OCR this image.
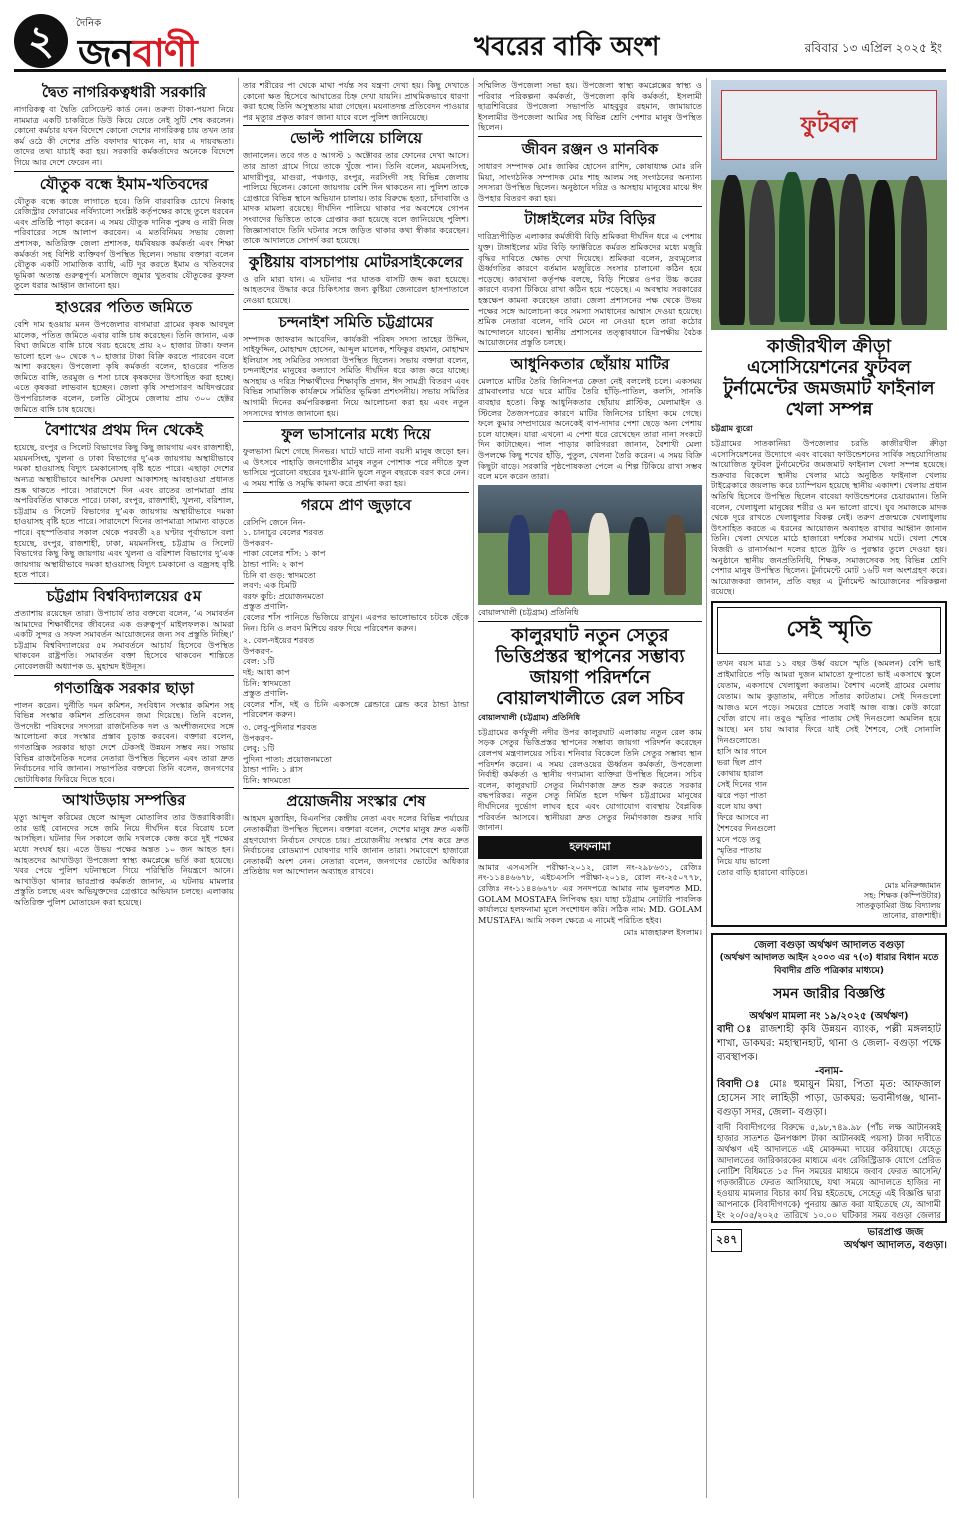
২	দৈনিক
জনবাণী	খবরের বাকি অংশ	রবিবার ১৩ এপ্রিল ২০২৫ ইং
দ্বৈত নাগরিকত্বধারী সরকারি

নাগরিকত্ব বা দ্বৈতি রেসিডেন্ট কার্ড নেন। তরুণ্য টাকা-পয়সা নিয়ে নামমাত্র একটি চাকরিতে ডিউ কিয়ে যেতে নেই সুটি শেষ করলেন। কোনো কর্মচার যখন বিদেশে কোনো দেশের নাগরিকত্ব চায় তখন তার কর্ম ওঠে কী দেশের প্রতি বফাদার থাকেন না, যার এ দায়বদ্ধতা। তাদের তথ্য যাচাই করা হয়। সরকারি কর্মকর্তাদের অনেকে বিদেশে গিয়ে আর দেশে ফেরেন না।

যৌতুক বন্ধে ইমাম-খতিবদের

যৌতুক বন্ধে কাজে লাগাতে হবে। তিনি বারবারিক চোখে নিকাহ রেজিস্ট্রার ফোরামের নর্বিদ্যালো সংশ্লিষ্ট কর্তৃপক্ষের কাছে তুলে ধরবেন এবং প্রতিষ্ঠি পাড়া করেন। এ সময় যৌতুক দানিক পুরুষ ও নারী নিজ পরিবারের সঙ্গে আলাপ করবেন। এ মতবিনিময় সভায় জেলা প্রশাসক, অতিরিক্ত জেলা প্রশাসক, ধর্মবিষয়ক কর্মকর্তা এবং শিক্ষা কর্মকর্তা সহ বিশিষ্ট ব্যক্তিবর্গ উপস্থিত ছিলেন। সভায় বক্তারা বলেন যৌতুক একটি সামাজিক ব্যাধি, এটি দূর করতে ইমাম ও খতিবদের ভূমিকা অত্যন্ত গুরুত্বপূর্ণ। মসজিদে জুমার খুতবায় যৌতুকের কুফল তুলে ধরার আহ্বান জানানো হয়।

হাওরের পতিত জমিতে

বেশি দাম হওয়ায় মনন উপজেলার বাগমারা গ্রামের কৃষক আবদুল মালেক, পতিত জমিতে এবার বাঙ্গি চাষ করেছেন। তিনি জানান, এক বিঘা জমিতে বাঙ্গি চাষে খরচ হয়েছে প্রায় ২০ হাজার টাকা। ফলন ভালো হলে ৬০ থেকে ৭০ হাজার টাকা বিক্রি করতে পারবেন বলে আশা করছেন। উপজেলা কৃষি কর্মকর্তা বলেন, হাওরের পতিত জমিতে বাঙ্গি, তরমুজ ও শসা চাষে কৃষকদের উৎসাহিত করা হচ্ছে। এতে কৃষকরা লাভবান হচ্ছেন। জেলা কৃষি সম্প্রসারণ অধিদপ্তরের উপপরিচালক বলেন, চলতি মৌসুমে জেলায় প্রায় ৩০০ হেক্টর জমিতে বাঙ্গি চাষ হয়েছে।

বৈশাখের প্রথম দিন থেকেই

হয়েছে, রংপুর ও সিলেট বিভাগের কিছু কিছু জায়গায় এবং রাজশাহী, ময়মনসিংহ, খুলনা ও ঢাকা বিভাগের দু’এক জায়গায় অস্থায়ীভাবে দমকা হাওয়াসহ বিদ্যুৎ চমকানোসহ বৃষ্টি হতে পারে। এছাড়া দেশের অন্যত্র অস্থায়ীভাবে আংশিক মেঘলা আকাশসহ আবহাওয়া প্রধানত শুষ্ক থাকতে পারে। সারাদেশে দিন এবং রাতের তাপমাত্রা প্রায় অপরিবর্তিত থাকতে পারে। ঢাকা, রংপুর, রাজশাহী, খুলনা, বরিশাল, চট্টগ্রাম ও সিলেট বিভাগের দু’এক জায়গায় অস্থায়ীভাবে দমকা হাওয়াসহ বৃষ্টি হতে পারে। সারাদেশে দিনের তাপমাত্রা সামান্য বাড়তে পারে। বৃহস্পতিবার সকাল থেকে পরবর্তী ২৪ ঘণ্টার পূর্বাভাসে বলা হয়েছে, রংপুর, রাজশাহী, ঢাকা, ময়মনসিংহ, চট্টগ্রাম ও সিলেট বিভাগের কিছু কিছু জায়গায় এবং খুলনা ও বরিশাল বিভাগের দু’এক জায়গায় অস্থায়ীভাবে দমকা হাওয়াসহ বিদ্যুৎ চমকানো ও বজ্রসহ বৃষ্টি হতে পারে।

চট্টগ্রাম বিশ্ববিদ্যালয়ের ৫ম

প্রত্যাশায় রয়েছেন তারা। উপাচার্য তার বক্তব্যে বলেন, ‘এ সমাবর্তন আমাদের শিক্ষার্থীদের জীবনের এক গুরুত্বপূর্ণ মাইলফলক। আমরা একটি সুন্দর ও সফল সমাবর্তন আয়োজনের জন্য সব প্রস্তুতি নিচ্ছি।’ চট্টগ্রাম বিশ্ববিদ্যালয়ের ৫ম সমাবর্তনে আচার্য হিসেবে উপস্থিত থাকবেন রাষ্ট্রপতি। সমাবর্তন বক্তা হিসেবে থাকবেন শান্তিতে নোবেলজয়ী অধ্যাপক ড. মুহাম্মদ ইউনূস।

গণতান্ত্রিক সরকার ছাড়া

পালন করেন। দুর্নীতি দমন কমিশন, সংবিধান সংস্কার কমিশন সহ বিভিন্ন সংস্কার কমিশন প্রতিবেদন জমা দিয়েছে। তিনি বলেন, উপদেষ্টা পরিষদের সদস্যরা রাজনৈতিক দল ও অংশীজনদের সঙ্গে আলোচনা করে সংস্কার প্রস্তাব চূড়ান্ত করবেন। বক্তারা বলেন, গণতান্ত্রিক সরকার ছাড়া দেশে টেকসই উন্নয়ন সম্ভব নয়। সভায় বিভিন্ন রাজনৈতিক দলের নেতারা উপস্থিত ছিলেন এবং তারা দ্রুত নির্বাচনের দাবি জানান। সভাপতির বক্তব্যে তিনি বলেন, জনগণের ভোটাধিকার ফিরিয়ে দিতে হবে।

আখাউড়ায় সম্পত্তির

মৃত্যু আব্দুল করিমের ছেলে আব্দুল মোতালিব তার উত্তরাধিকারী। তার ভাই বোনদের সঙ্গে জমি নিয়ে দীর্ঘদিন ধরে বিরোধ চলে আসছিল। ঘটনার দিন সকালে জমি দখলকে কেন্দ্র করে দুই পক্ষের মধ্যে সংঘর্ষ হয়। এতে উভয় পক্ষের অন্তত ১০ জন আহত হন। আহতদের আখাউড়া উপজেলা স্বাস্থ্য কমপ্লেক্সে ভর্তি করা হয়েছে। খবর পেয়ে পুলিশ ঘটনাস্থলে গিয়ে পরিস্থিতি নিয়ন্ত্রণে আনে। আখাউড়া থানার ভারপ্রাপ্ত কর্মকর্তা জানান, এ ঘটনায় মামলার প্রস্তুতি চলছে এবং অভিযুক্তদের গ্রেপ্তারে অভিযান চলছে। এলাকায় অতিরিক্ত পুলিশ মোতায়েন করা হয়েছে।

তার শরীরের পা থেকে মাথা পর্যন্ত সব যন্ত্রণা দেখা হয়। কিছু দেখাতে কোনো ক্ষত হিসেবে আঘাতের চিহ্ন দেখা যায়নি। প্রাথমিকভাবে ধারণা করা হচ্ছে তিনি অসুস্থতায় মারা গেছেন। ময়নাতদন্ত প্রতিবেদন পাওয়ার পর মৃত্যুর প্রকৃত কারণ জানা যাবে বলে পুলিশ জানিয়েছে।

ভোল্ট পালিয়ে চালিয়ে

জানালেন। তবে গত ৫ আগস্ট ১ অক্টোবর তার ফোনের দেখা আসে। তার ভ্রাতা গ্রামে গিয়ে তাকে খুঁজে পান। তিনি বলেন, ময়মনসিংহ, মাদারীপুর, মাগুরা, পঞ্চগড়, রংপুর, নরসিংদী সহ বিভিন্ন জেলায় পালিয়ে ছিলেন। কোনো জায়গায় বেশি দিন থাকতেন না। পুলিশ তাকে গ্রেপ্তারে বিভিন্ন স্থানে অভিযান চালায়। তার বিরুদ্ধে হত্যা, চাঁদাবাজি ও মাদক মামলা রয়েছে। দীর্ঘদিন পালিয়ে থাকার পর অবশেষে গোপন সংবাদের ভিত্তিতে তাকে গ্রেপ্তার করা হয়েছে বলে জানিয়েছে পুলিশ। জিজ্ঞাসাবাদে তিনি ঘটনার সঙ্গে জড়িত থাকার কথা স্বীকার করেছেন। তাকে আদালতে সোপর্দ করা হয়েছে।

কুষ্টিয়ায় বাসচাপায় মোটরসাইকেলের

ও রনি মারা যান। এ ঘটনার পর ঘাতক বাসটি জব্দ করা হয়েছে। আহতদের উদ্ধার করে চিকিৎসার জন্য কুষ্টিয়া জেনারেল হাসপাতালে নেওয়া হয়েছে।

চন্দনাইশ সমিতি চট্টগ্রামের

সম্পাদক জাফরান আবেদিন, কার্যকরী পরিষদ সদস্য তাহের উদ্দিন, সাইফুদ্দিন, মোহাম্মদ হোসেন, আব্দুল মালেক, শফিকুর রহমান, মোহাম্মদ ইলিয়াস সহ সমিতির সদস্যরা উপস্থিত ছিলেন। সভায় বক্তারা বলেন, চন্দনাইশের মানুষের কল্যাণে সমিতি দীর্ঘদিন ধরে কাজ করে যাচ্ছে। অসহায় ও দরিদ্র শিক্ষার্থীদের শিক্ষাবৃত্তি প্রদান, ঈদ সামগ্রী বিতরণ এবং বিভিন্ন সামাজিক কার্যক্রমে সমিতির ভূমিকা প্রশংসনীয়। সভায় সমিতির আগামী দিনের কর্মপরিকল্পনা নিয়ে আলোচনা করা হয় এবং নতুন সদস্যদের স্বাগত জানানো হয়।

ফুল ভাসানোর মধ্যে দিয়ে

ফুলভাসা মিশে গেছে দিনভর। ঘাটে ঘাটে নানা বয়সী মানুষ জড়ো হন। এ উৎসবে পাহাড়ি জনগোষ্ঠীর মানুষ নতুন পোশাক পরে নদীতে ফুল ভাসিয়ে পুরোনো বছরের দুঃখ-গ্লানি ভুলে নতুন বছরকে বরণ করে নেন। এ সময় শান্তি ও সমৃদ্ধি কামনা করে প্রার্থনা করা হয়।

গরমে প্রাণ জুড়াবে

রেসিপি জেনে নিন-
১. চানাচুর বেলের শরবত
উপকরণ-
পাকা বেলের শাঁস: ১ কাপ
ঠান্ডা পানি: ২ কাপ
চিনি বা গুড়: স্বাদমতো
লবণ: এক চিমটি
বরফ কুচি: প্রয়োজনমতো
প্রস্তুত প্রণালি-
বেলের শাঁস পানিতে ভিজিয়ে রাখুন। এরপর ভালোভাবে চটকে ছেঁকে নিন। চিনি ও লবণ মিশিয়ে বরফ দিয়ে পরিবেশন করুন।

২. বেল-দইয়ের শরবত
উপকরণ-
বেল: ১টি
দই: আধা কাপ
চিনি: স্বাদমতো
প্রস্তুত প্রণালি-
বেলের শাঁস, দই ও চিনি একসঙ্গে ব্লেন্ডারে ব্লেন্ড করে ঠান্ডা ঠান্ডা পরিবেশন করুন।

৩. লেবু-পুদিনার শরবত
উপকরণ-
লেবু: ১টি
পুদিনা পাতা: প্রয়োজনমতো
ঠান্ডা পানি: ১ গ্লাস
চিনি: স্বাদমতো

প্রয়োজনীয় সংস্কার শেষ

আহমদ মুজাহিদ, বিএনপির কেন্দ্রীয় নেতা এবং দলের বিভিন্ন পর্যায়ের নেতাকর্মীরা উপস্থিত ছিলেন। বক্তারা বলেন, দেশের মানুষ দ্রুত একটি গ্রহণযোগ্য নির্বাচন দেখতে চায়। প্রয়োজনীয় সংস্কার শেষ করে দ্রুত নির্বাচনের রোডম্যাপ ঘোষণার দাবি জানান তারা। সমাবেশে হাজারো নেতাকর্মী অংশ নেন। নেতারা বলেন, জনগণের ভোটের অধিকার প্রতিষ্ঠায় দল আন্দোলন অব্যাহত রাখবে।

সম্মিলিত উপজেলা সভা হয়। উপজেলা স্বাস্থ্য কমপ্লেক্সের স্বাস্থ্য ও পরিবার পরিকল্পনা কর্মকর্তা, উপজেলা কৃষি কর্মকর্তা, ইসলামী ছাত্রশিবিরের উপজেলা সভাপতি মাহবুবুর রহমান, জামায়াতে ইসলামীর উপজেলা আমির সহ বিভিন্ন শ্রেণি পেশার মানুষ উপস্থিত ছিলেন।

জীবন রঞ্জন ও মানবিক

সাধারণ সম্পাদক মোঃ জাকির হোসেন রাশিদ, কোষাধ্যক্ষ মোঃ রনি মিয়া, সাংগঠনিক সম্পাদক মোঃ শাহ আলম সহ সংগঠনের অন্যান্য সদস্যরা উপস্থিত ছিলেন। অনুষ্ঠানে দরিদ্র ও অসহায় মানুষের মাঝে ঈদ উপহার বিতরণ করা হয়।

টাঙ্গাইলের মটর বিড়ির

দারিদ্র্যপীড়িত এলাকার কর্মজীবী বিড়ি শ্রমিকরা দীর্ঘদিন ধরে এ পেশায় যুক্ত। টাঙ্গাইলের মটর বিড়ি ফ্যাক্টরিতে কর্মরত শ্রমিকদের মধ্যে মজুরি বৃদ্ধির দাবিতে ক্ষোভ দেখা দিয়েছে। শ্রমিকরা বলেন, দ্রব্যমূল্যের ঊর্ধ্বগতির কারণে বর্তমান মজুরিতে সংসার চালানো কঠিন হয়ে পড়েছে। কারখানা কর্তৃপক্ষ বলছে, বিড়ি শিল্পের ওপর উচ্চ করের কারণে ব্যবসা টিকিয়ে রাখা কঠিন হয়ে পড়েছে। এ অবস্থায় সরকারের হস্তক্ষেপ কামনা করেছেন তারা। জেলা প্রশাসনের পক্ষ থেকে উভয় পক্ষের সঙ্গে আলোচনা করে সমস্যা সমাধানের আশ্বাস দেওয়া হয়েছে। শ্রমিক নেতারা বলেন, দাবি মেনে না নেওয়া হলে তারা কঠোর আন্দোলনে যাবেন। স্থানীয় প্রশাসনের তত্ত্বাবধানে ত্রিপক্ষীয় বৈঠক আয়োজনের প্রস্তুতি চলছে।

আধুনিকতার ছোঁয়ায় মাটির

মেলাতে মাটির তৈরি জিনিসপত্র ক্রেতা নেই বললেই চলে। একসময় গ্রামবাংলার ঘরে ঘরে মাটির তৈরি হাঁড়ি-পাতিল, কলসি, সানকি ব্যবহার হতো। কিন্তু আধুনিকতার ছোঁয়ায় প্লাস্টিক, মেলামাইন ও স্টিলের তৈজসপত্রের কারণে মাটির জিনিসের চাহিদা কমে গেছে। ফলে কুমার সম্প্রদায়ের অনেকেই বাপ-দাদার পেশা ছেড়ে অন্য পেশায় চলে যাচ্ছেন। যারা এখনো এ পেশা ধরে রেখেছেন তারা নানা সংকটে দিন কাটাচ্ছেন। পাল পাড়ার কারিগররা জানান, বৈশাখী মেলা উপলক্ষে কিছু শখের হাঁড়ি, পুতুল, খেলনা তৈরি করেন। এ সময় বিক্রি কিছুটা বাড়ে। সরকারি পৃষ্ঠপোষকতা পেলে এ শিল্প টিকিয়ে রাখা সম্ভব বলে মনে করেন তারা।

বোয়ালখালী (চট্টগ্রাম) প্রতিনিধি
কালুরঘাট নতুন সেতুর ভিত্তিপ্রস্তর স্থাপনের সম্ভাব্য জায়গা পরিদর্শনে বোয়ালখালীতে রেল সচিব
বোয়ালখালী (চট্টগ্রাম) প্রতিনিধি

চট্টগ্রামের কর্ণফুলী নদীর উপর কালুরঘাট এলাকায় নতুন রেল কাম সড়ক সেতুর ভিত্তিপ্রস্তর স্থাপনের সম্ভাব্য জায়গা পরিদর্শন করেছেন রেলপথ মন্ত্রণালয়ের সচিব। শনিবার বিকেলে তিনি সেতুর সম্ভাব্য স্থান পরিদর্শন করেন। এ সময় রেলওয়ের ঊর্ধ্বতন কর্মকর্তা, উপজেলা নির্বাহী কর্মকর্তা ও স্থানীয় গণ্যমান্য ব্যক্তিরা উপস্থিত ছিলেন। সচিব বলেন, কালুরঘাট সেতুর নির্মাণকাজ দ্রুত শুরু করতে সরকার বদ্ধপরিকর। নতুন সেতু নির্মিত হলে দক্ষিণ চট্টগ্রামের মানুষের দীর্ঘদিনের দুর্ভোগ লাঘব হবে এবং যোগাযোগ ব্যবস্থায় বৈপ্লবিক পরিবর্তন আসবে। স্থানীয়রা দ্রুত সেতুর নির্মাণকাজ শুরুর দাবি জানান।

হলফনামা

আমার এসএসসি পরীক্ষা-২০১২, রোল নং-২৯৮৬৩১, রেজিঃ নং-১১৪৪৬৬৭৮, এইচএসসি পরীক্ষা-২০১৪, রোল নং-২৫০৭৭৮, রেজিঃ নং-১১৪৪৬৬৭৮ এর সনদপত্রে আমার নাম ভুলবশত MD. GOLAM MOSTAFA লিপিবদ্ধ হয়। যাহা চট্টগ্রাম নোটারি পাবলিক কার্যালয়ে হলফনামা মূলে সংশোধন করি। সঠিক নাম: MD. GOLAM MUSTAFA। আমি সকল ক্ষেত্রে এ নামেই পরিচিত হইব।

মোঃ মাজহারুল ইসলাম।

ফুটবল
কাজীরখীল ক্রীড়া এসোসিয়েশনের ফুটবল টুর্নামেন্টের জমজমাট ফাইনাল খেলা সম্পন্ন
চট্টগ্রাম ব্যুরো

চট্টগ্রামের সাতকানিয়া উপজেলার চরতি কাজীরখীল ক্রীড়া এসোসিয়েশনের উদ্যোগে এবং বাবেয়া ফাউন্ডেশনের সার্বিক সহযোগিতায় আয়োজিত ফুটবল টুর্নামেন্টের জমজমাট ফাইনাল খেলা সম্পন্ন হয়েছে। শুক্রবার বিকেলে স্থানীয় খেলার মাঠে অনুষ্ঠিত ফাইনাল খেলায় টাইব্রেকারে জয়লাভ করে চ্যাম্পিয়ন হয়েছে স্থানীয় একাদশ। খেলায় প্রধান অতিথি হিসেবে উপস্থিত ছিলেন বাবেয়া ফাউন্ডেশনের চেয়ারম্যান। তিনি বলেন, খেলাধুলা মানুষের শরীর ও মন ভালো রাখে। যুব সমাজকে মাদক থেকে দূরে রাখতে খেলাধুলার বিকল্প নেই। তরুণ প্রজন্মকে খেলাধুলায় উৎসাহিত করতে এ ধরনের আয়োজন অব্যাহত রাখার আহ্বান জানান তিনি। খেলা দেখতে মাঠে হাজারো দর্শকের সমাগম ঘটে। খেলা শেষে বিজয়ী ও রানার্সআপ দলের হাতে ট্রফি ও পুরস্কার তুলে দেওয়া হয়। অনুষ্ঠানে স্থানীয় জনপ্রতিনিধি, শিক্ষক, সমাজসেবক সহ বিভিন্ন শ্রেণি পেশার মানুষ উপস্থিত ছিলেন। টুর্নামেন্টে মোট ১৬টি দল অংশগ্রহণ করে। আয়োজকরা জানান, প্রতি বছর এ টুর্নামেন্ট আয়োজনের পরিকল্পনা রয়েছে।

সেই স্মৃতি

তখন বয়স মাত্র ১১ বছর উর্ধ্ব বয়সে স্মৃতি (অমলন) বেশি ভাই প্রাইমারিতে পড়ি আমরা দুজন মামাতো ফুপাতো ভাই একসাথে স্কুলে যেতাম, একসাথে খেলাধুলা করতাম। বৈশাখ এলেই গ্রামের মেলায় যেতাম। আম কুড়াতাম, নদীতে সাঁতার কাটতাম। সেই দিনগুলো আজও মনে পড়ে। সময়ের স্রোতে সবাই আজ ব্যস্ত। কেউ কারো খোঁজ রাখে না। তবুও স্মৃতির পাতায় সেই দিনগুলো অমলিন হয়ে আছে। মন চায় আবার ফিরে যাই সেই শৈশবে, সেই সোনালি দিনগুলোতে।
হাসি আর গানে
ভরা ছিল প্রাণ
কোথায় হারাল
সেই দিনের গান
ঝরে পড়া পাতা
বলে যায় কথা
ফিরে আসবে না
শৈশবের দিনগুলো
মনে পড়ে তবু
স্মৃতির পাতায়
নিয়ে যায় ভালো
তোর বাড়ি হারানো বাড়িতে।

মোঃ মনিরুজ্জামান
সহ: শিক্ষক (কম্পিউটার)
সাতকুড়ামিরা উচ্চ বিদ্যালয়
তানোর, রাজশাহী।
জেলা বগুড়া অর্থঋণ আদালত বগুড়া
(অর্থঋণ আদালত আইন ২০০৩ এর ৭(৩) ধারার বিধান মতে বিবাদীর প্রতি পত্রিকার মাধ্যমে)
সমন জারীর বিজ্ঞপ্তি
অর্থঋণ মামলা নং ১৯/২০২৫ (অর্থঋণ)
বাদী ঃ রাজশাহী কৃষি উন্নয়ন ব্যাংক, পল্লী মঙ্গলহাট শাখা, ডাকঘর: মহাস্থানহাট, থানা ও জেলা- বগুড়া পক্ষে ব্যবস্থাপক।
-বনাম-
বিবাদী ঃ মোঃ হুমায়ুন মিয়া, পিতা মৃত: আফজাল হোসেন সাং লাহিড়ী পাড়া, ডাকঘর: ভবানীগঞ্জ, থানা- বগুড়া সদর, জেলা- বগুড়া।
বাদী বিবাদীগণের বিরুদ্ধে ৫,৯৮,৭৪৯.৯৮ (পাঁচ লক্ষ আটানব্বই হাজার সাতশত ঊনপঞ্চাশ টাকা আটানব্বই পয়সা) টাকা দাবীতে অর্থঋণ এই আদালতে এই মোকদ্দমা দায়ের করিয়াছে। যেহেতু আদালতের জারিকারকের মাধ্যমে এবং রেজিস্ট্রিডাক যোগে প্রেরিত নোটিশ বিধিমতে ১৫ দিন সময়ের মাধ্যমে জবাব ফেরত আসেনি/গড়জারীতে ফেরত আসিয়াছে, যথা সময়ে আদালতে হাজির না হওয়ায় মামলার বিচার কার্য বিঘ্ন হইতেছে, সেহেতু এই বিজ্ঞপ্তি দ্বারা আপনাকে (বিবাদীগণকে) পুনরায় জ্ঞাত করা যাইতেছে যে, আগামী ইং ২০/০৫/২০২৫ তারিখে ১০.০০ ঘটিকার সময় বগুড়া জেলার
২৪৭
ভারপ্রাপ্ত জজ
অর্থঋণ আদালত, বগুড়া।
